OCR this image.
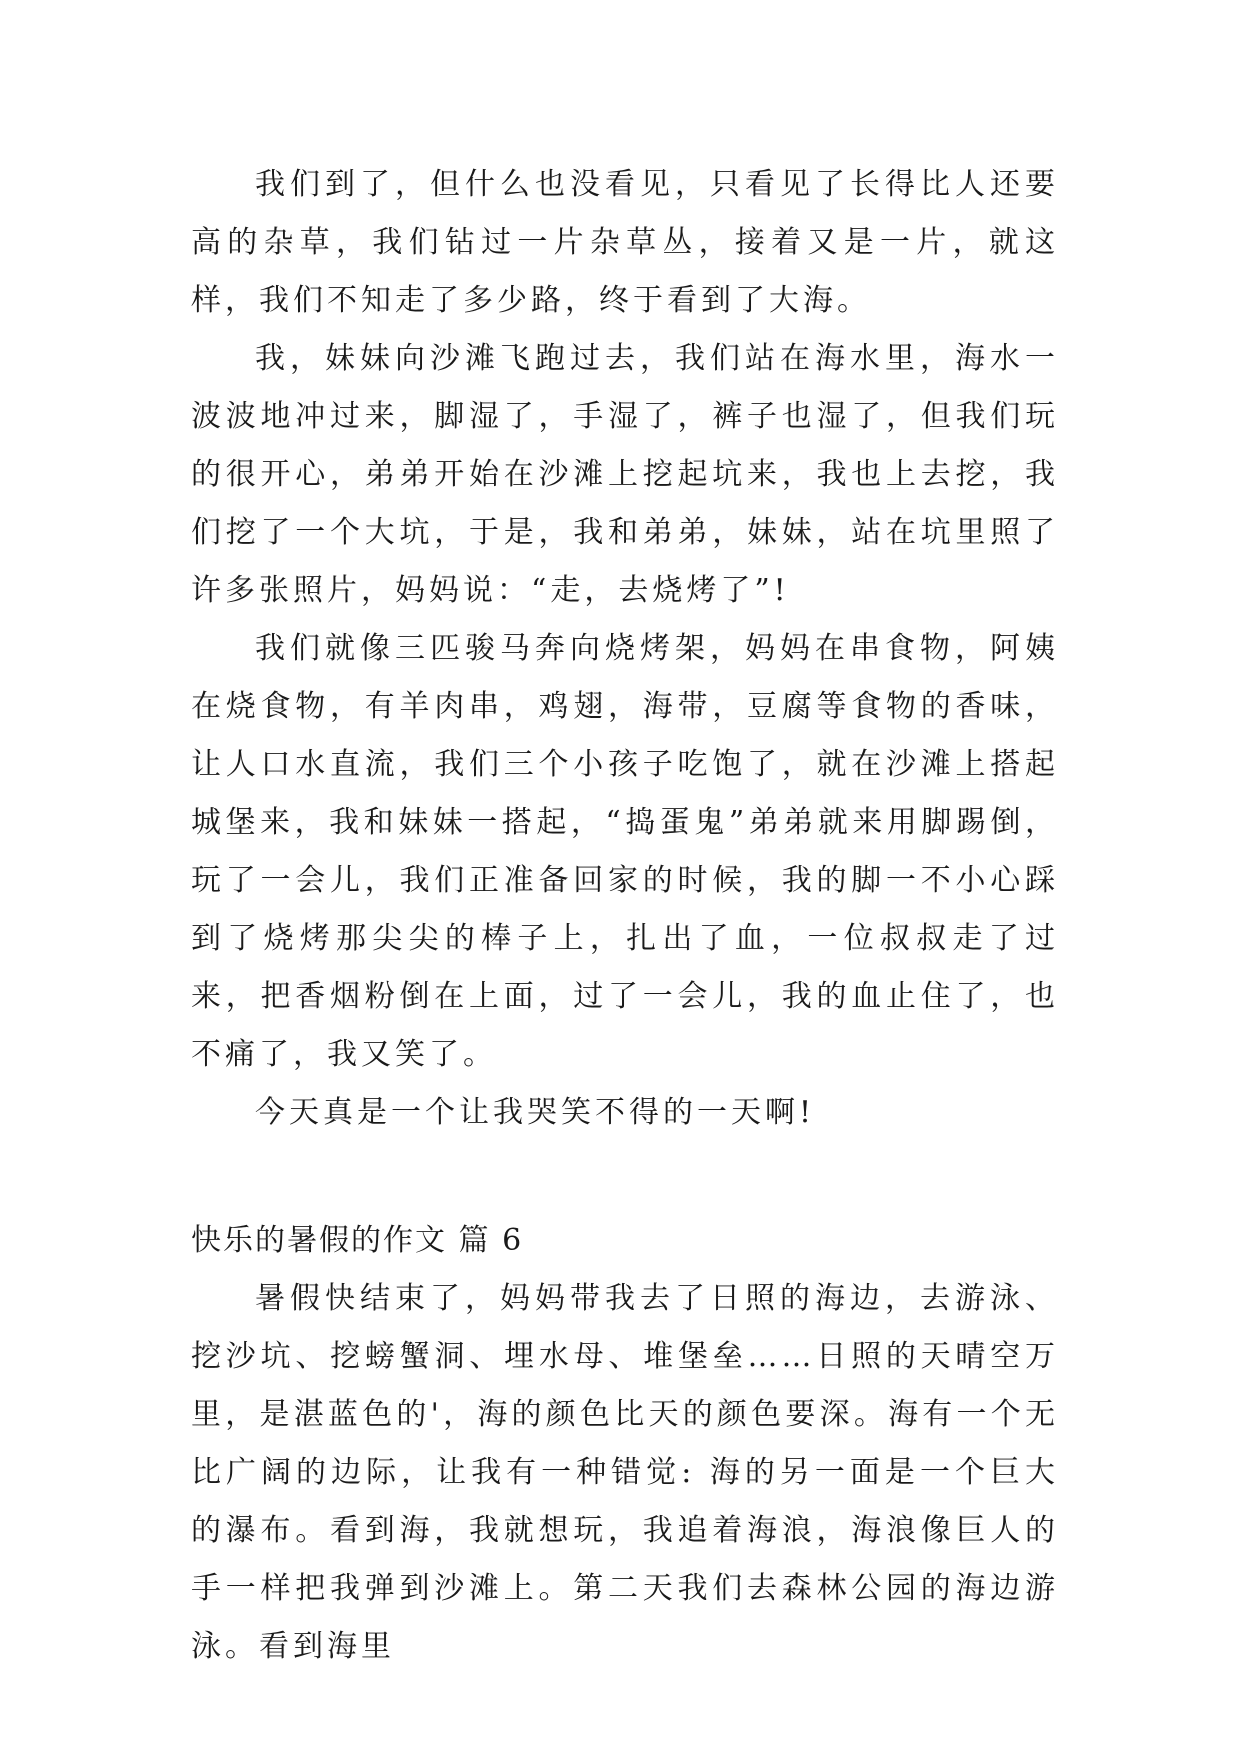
我们到了，但什么也没看见，只看见了长得比人还要高的杂草，我们钻过一片杂草丛，接着又是一片，就这样，我们不知走了多少路，终于看到了大海。

我，妹妹向沙滩飞跑过去，我们站在海水里，海水一波波地冲过来，脚湿了，手湿了，裤子也湿了，但我们玩的很开心，弟弟开始在沙滩上挖起坑来，我也上去挖，我们挖了一个大坑，于是，我和弟弟，妹妹，站在坑里照了许多张照片，妈妈说：“走，去烧烤了”!

我们就像三匹骏马奔向烧烤架，妈妈在串食物，阿姨在烧食物，有羊肉串，鸡翅，海带，豆腐等食物的香味，让人口水直流，我们三个小孩子吃饱了，就在沙滩上搭起城堡来，我和妹妹一搭起，“捣蛋鬼”弟弟就来用脚踢倒，玩了一会儿，我们正准备回家的时候，我的脚一不小心踩到了烧烤那尖尖的棒子上，扎出了血，一位叔叔走了过来，把香烟粉倒在上面，过了一会儿，我的血止住了，也不痛了，我又笑了。

今天真是一个让我哭笑不得的一天啊!

快乐的暑假的作文 篇 6

暑假快结束了，妈妈带我去了日照的海边，去游泳、挖沙坑、挖螃蟹洞、埋水母、堆堡垒……日照的天晴空万里，是湛蓝色的'，海的颜色比天的颜色要深。海有一个无比广阔的边际，让我有一种错觉: 海的另一面是一个巨大的瀑布。看到海，我就想玩，我追着海浪，海浪像巨人的手一样把我弹到沙滩上。第二天我们去森林公园的海边游泳。看到海里
